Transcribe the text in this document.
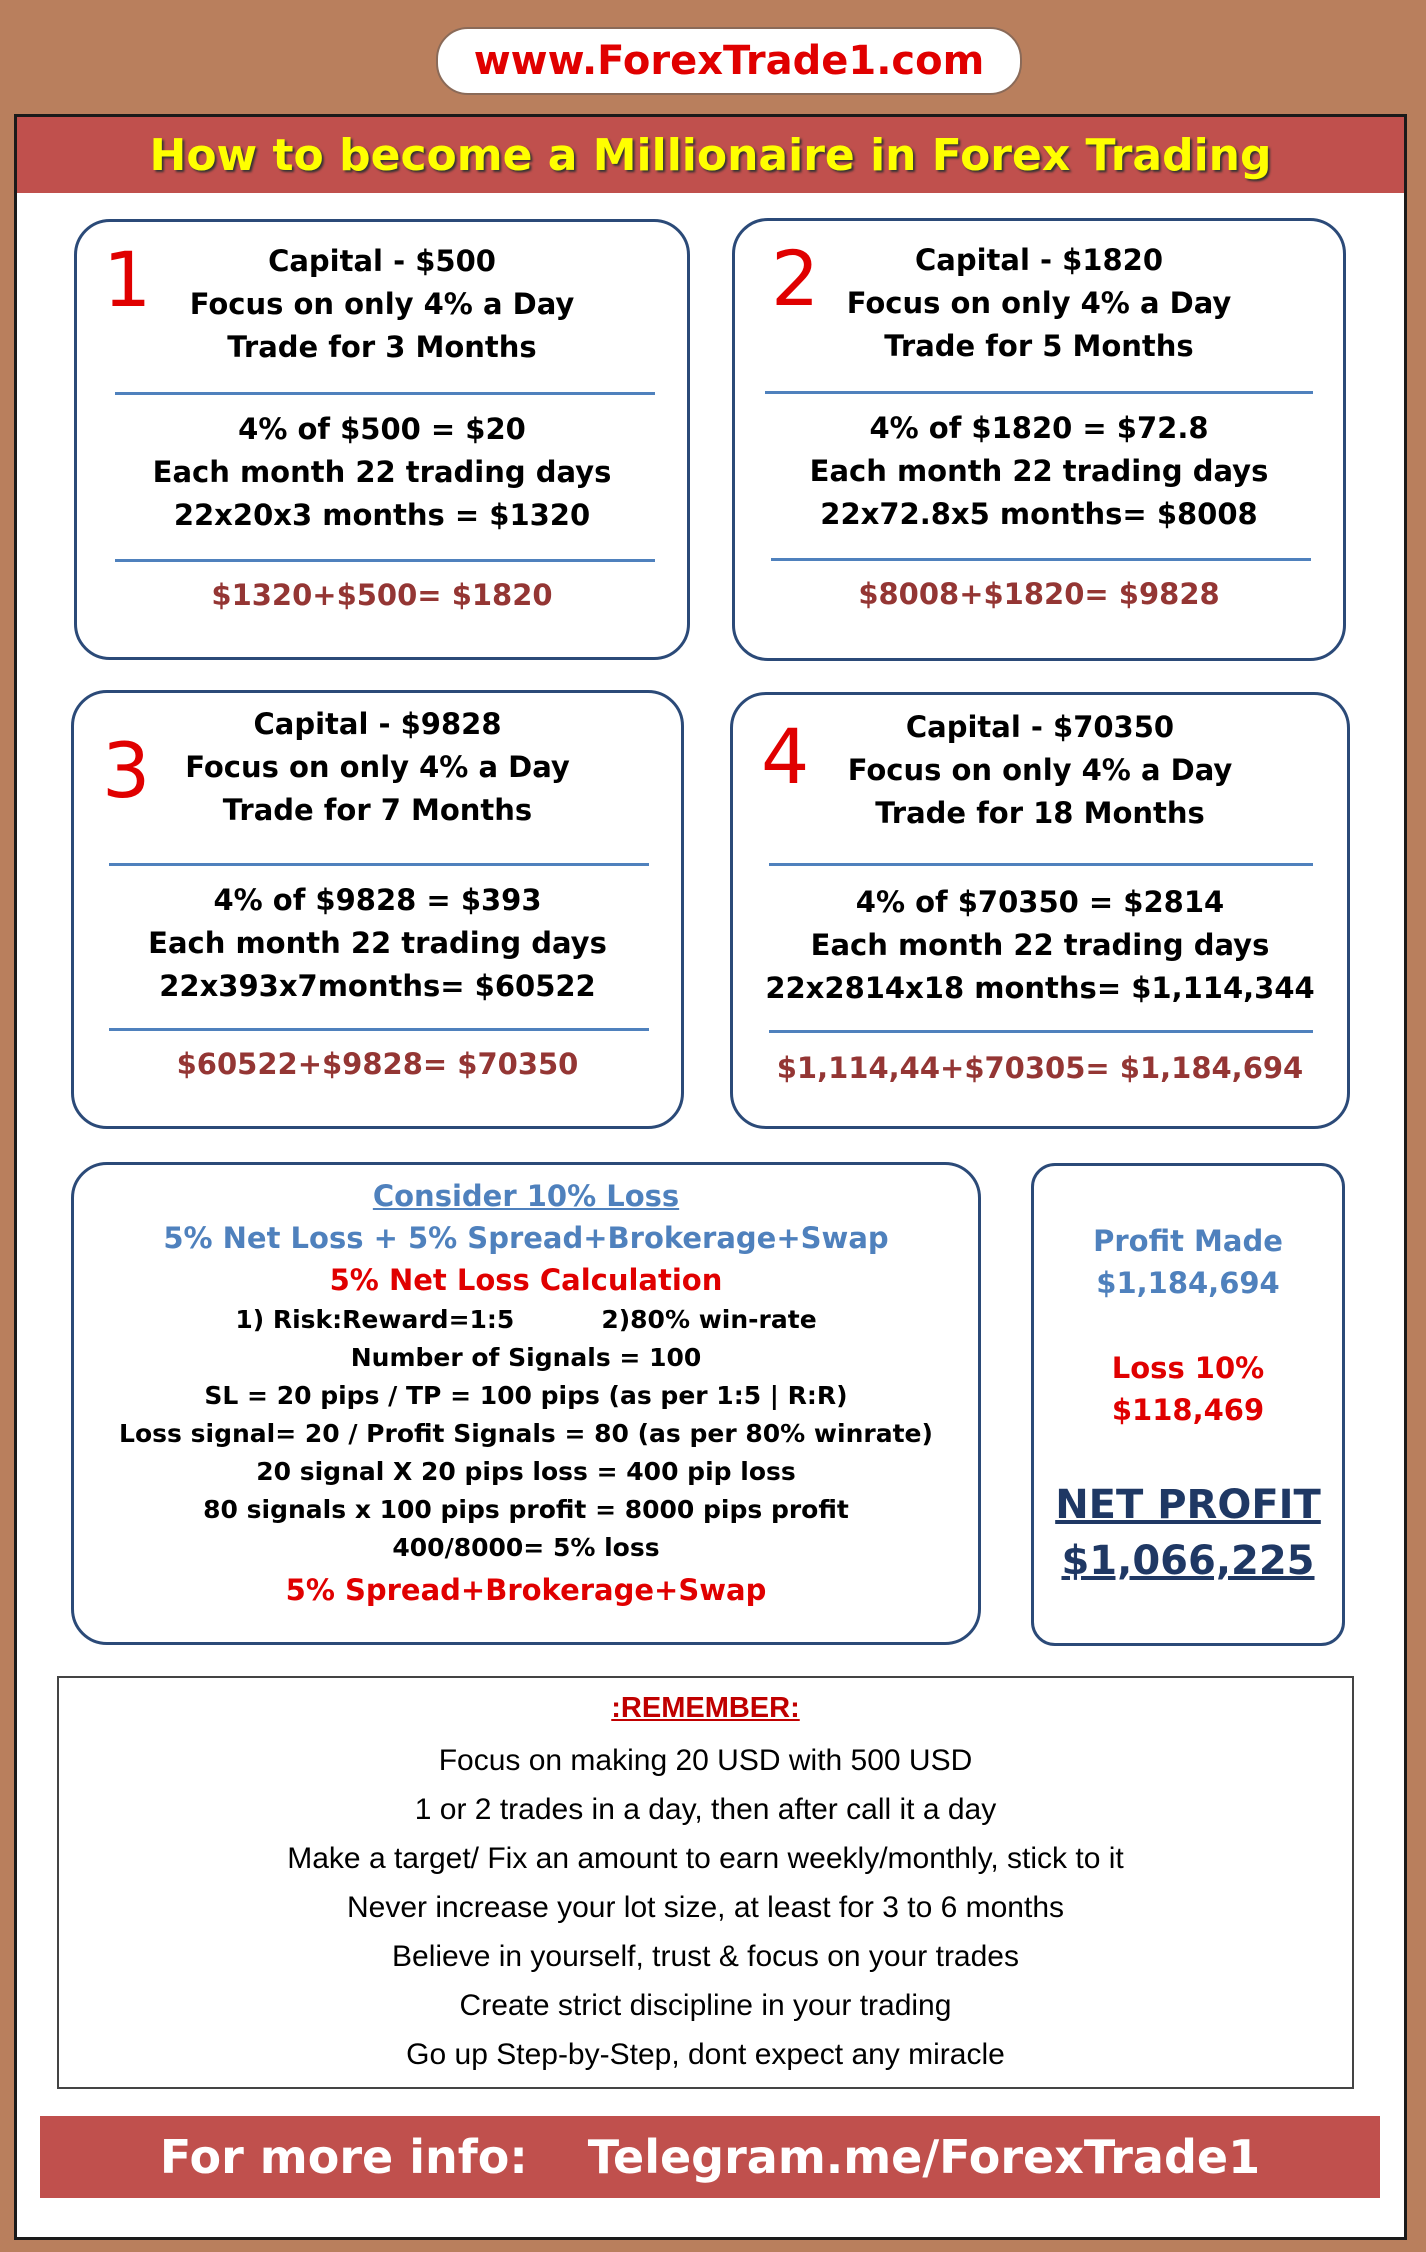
www.ForexTrade1.com
How to become a Millionaire in Forex Trading
1	Capital - $500
Focus on only 4% a Day
Trade for 3 Months
4% of $500 = $20
Each month 22 trading days
22x20x3 months = $1320
$1320+$500= $1820
2	Capital - $1820
Focus on only 4% a Day
Trade for 5 Months
4% of $1820 = $72.8
Each month 22 trading days
22x72.8x5 months= $8008
$8008+$1820= $9828
3
Capital - $9828
Focus on only 4% a Day
Trade for 7 Months
4% of $9828 = $393
Each month 22 trading days
22x393x7months= $60522
$60522+$9828= $70350
4	Capital - $70350
Focus on only 4% a Day
Trade for 18 Months
4% of $70350 = $2814
Each month 22 trading days
22x2814x18 months= $1,114,344
$1,114,44+$70305= $1,184,694
Consider 10% Loss
5% Net Loss + 5% Spread+Brokerage+Swap
5% Net Loss Calculation
1) Risk:Reward=1:5          2)80% win-rate
Number of Signals = 100
SL = 20 pips / TP = 100 pips (as per 1:5 | R:R)
Loss signal= 20 / Profit Signals = 80 (as per 80% winrate)
20 signal X 20 pips loss = 400 pip loss
80 signals x 100 pips profit = 8000 pips profit
400/8000= 5% loss
5% Spread+Brokerage+Swap
Profit Made
$1,184,694
Loss 10%
$118,469
NET PROFIT
$1,066,225
:REMEMBER:
Focus on making 20 USD with 500 USD
1 or 2 trades in a day, then after call it a day
Make a target/ Fix an amount to earn weekly/monthly, stick to it
Never increase your lot size, at least for 3 to 6 months
Believe in yourself, trust & focus on your trades
Create strict discipline in your trading
Go up Step-by-Step, dont expect any miracle
For more info: Telegram.me/ForexTrade1
